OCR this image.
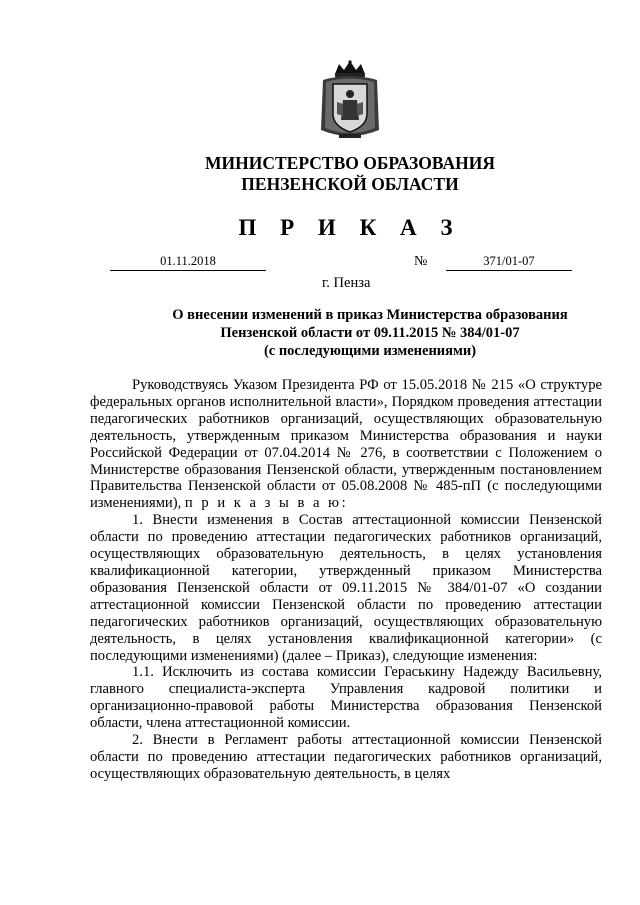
МИНИСТЕРСТВО ОБРАЗОВАНИЯ
ПЕНЗЕНСКОЙ ОБЛАСТИ
П Р И К А З
01.11.2018	№	371/01-07
г. Пенза
О внесении изменений в приказ Министерства образования
Пензенской области от 09.11.2015 № 384/01-07
(с последующими изменениями)

Руководствуясь Указом Президента РФ от 15.05.2018 № 215 «О структуре федеральных органов исполнительной власти», Порядком проведения аттестации педагогических работников организаций, осуществляющих образовательную деятельность, утвержденным приказом Министерства образования и науки Российской Федерации от 07.04.2014 № 276, в соответствии с Положением о Министерстве образования Пензенской области, утвержденным постановлением Правительства Пензенской области от 05.08.2008 № 485-пП (с последующими изменениями), п р и к а з ы в а ю:

1. Внести изменения в Состав аттестационной комиссии Пензенской области по проведению аттестации педагогических работников организаций, осуществляющих образовательную деятельность, в целях установления квалификационной категории, утвержденный приказом Министерства образования Пензенской области от 09.11.2015 № 384/01-07 «О создании аттестационной комиссии Пензенской области по проведению аттестации педагогических работников организаций, осуществляющих образовательную деятельность, в целях установления квалификационной категории» (с последующими изменениями) (далее – Приказ), следующие изменения:

1.1. Исключить из состава комиссии Гераськину Надежду Васильевну, главного специалиста-эксперта Управления кадровой политики и организационно-правовой работы Министерства образования Пензенской области, члена аттестационной комиссии.

2. Внести в Регламент работы аттестационной комиссии Пензенской области по проведению аттестации педагогических работников организаций, осуществляющих образовательную деятельность, в целях
